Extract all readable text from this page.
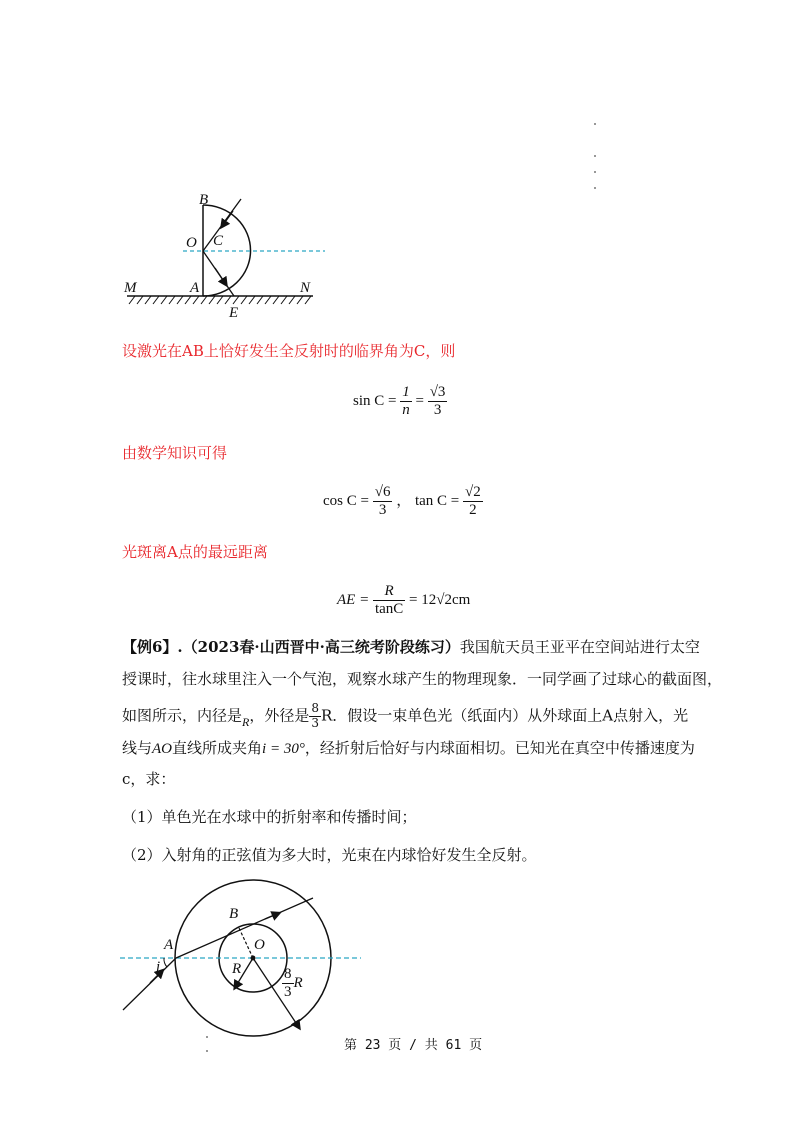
B
O C
M	A	N
E
设激光在AB上恰好发生全反射时的临界角为C，则
$\sin C = \frac{1}{n} = \frac{√3}{3}$
由数学知识可得
$\cos C = \frac{√6}{3}$ ， $\tan C = \frac{√2}{2}$
光斑离A点的最远距离
AE = $\frac{R}{\tan C} = 12√2cm$
【例6】.（2023春·山西晋中·高三统考阶段练习）我国航天员王亚平在空间站进行太空
授课时，往水球里注入一个气泡，观察水球产生的物理现象．一同学画了过球心的截面图，
如图所示，内径是$_R$，外径是 $\frac{8}{3}$ R．假设一束单色光（纸面内）从外球面上A点射入，光
线与AO直线所成夹角i = 30°，经折射后恰好与内球面相切。已知光在真空中传播速度为
c，求：
（1）单色光在水球中的折射率和传播时间；
（2）入射角的正弦值为多大时，光束在内球恰好发生全反射。
B
O
A
i	R	$\frac{8}{3}$ R
第 23 页 / 共 61 页
